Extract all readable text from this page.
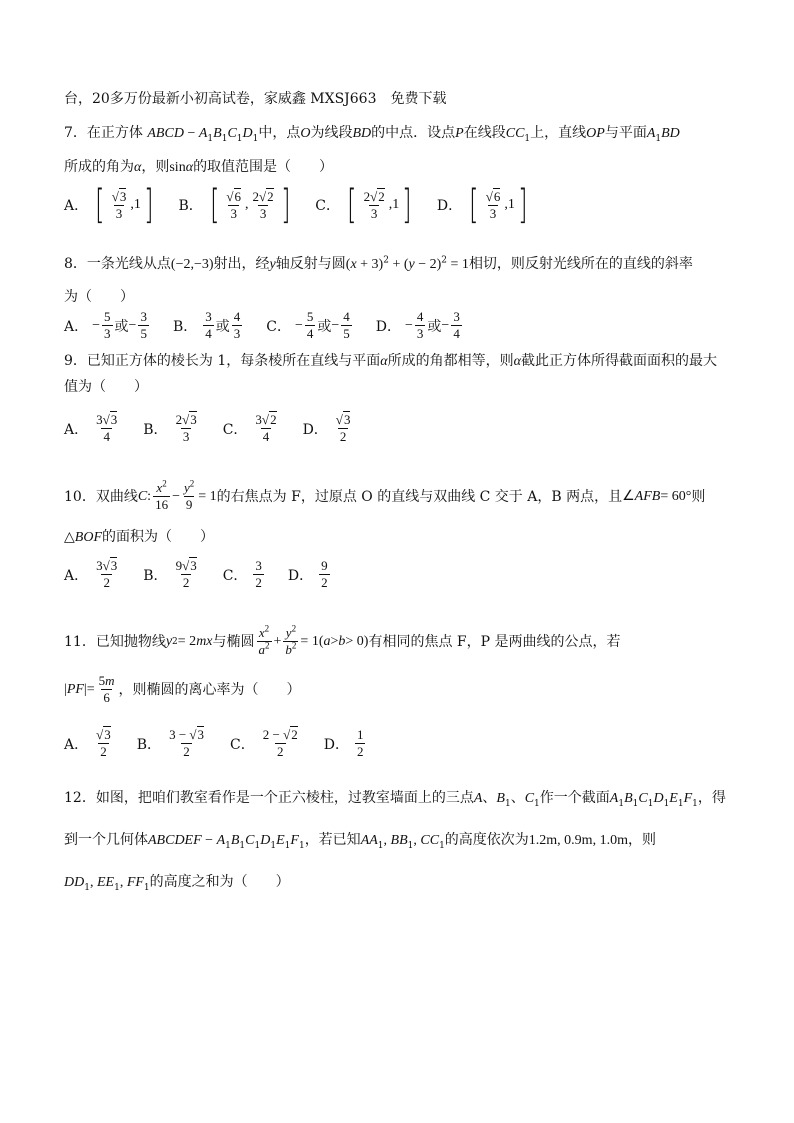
台，20多万份最新小初高试卷，家威鑫 MXSJ663　免费下载
7．在正方体 ABCD − $A_1B_1C_1D_1$中，点O为线段BD的中点．设点P在线段$CC_1$上，直线OP与平面$A_1BD$
所成的角为α，则sinα的取值范围是（　　）
A． [ $\frac{√3}{3} ,1$ ] B． [ $\frac{√6}{3}$ , $\frac{2√2}{3}$ ] C． [ $\frac{2√2}{3} ,1$ ] D． [ $\frac{√6}{3} ,1$ ]
8．一条光线从点(−2,−3)射出，经y轴反射与圆$(x + 3)^2 + (y - 2)^2 = 1$相切，则反射光线所在的直线的斜率
为（　　）
A． − $\frac{5}{3}$ 或 − $\frac{3}{5}$ B． $\frac{3}{4}$ 或 $\frac{4}{3}$ C． − $\frac{5}{4}$ 或 − $\frac{4}{5}$ D． − $\frac{4}{3}$ 或 − $\frac{3}{4}$
9．已知正方体的棱长为 1，每条棱所在直线与平面α所成的角都相等，则α截此正方体所得截面面积的最大
值为（　　）
A． $\frac{3√3}{4}$ B． $\frac{2√3}{3}$ C． $\frac{3√2}{4}$ D． $\frac{√3}{2}$
10． 双曲线 C : $\frac{x^2}{16} - \frac{y^2}{9} = 1$ 的右焦点为 F，过原点 O 的直线与双曲线 C 交于 A，B 两点，且 ∠ AFB = 60° 则
△BOF的面积为（　　）
A． $\frac{3√3}{2}$ B． $\frac{9√3}{2}$ C． $\frac{3}{2}$ D． $\frac{9}{2}$
11． 已知抛物线 y 2 = 2 mx 与椭圆 $\frac{x^2}{a^2} + \frac{y^2}{b^2} = 1$( a > b > 0) 有相同的焦点 F，P 是两曲线的公点，若
| PF |= $\frac{5m}{6}$ ，则椭圆的离心率为（　　）
A． $\frac{√3}{2}$ B． $\frac{3 - √3}{2}$ C． $\frac{2 - √2}{2}$ D． $\frac{1}{2}$
12．如图，把咱们教室看作是一个正六棱柱，过教室墙面上的三点A、$B_1$、$C_1$作一个截面$A_1B_1C_1D_1E_1F_1$，得
到一个几何体ABCDEF − $A_1B_1C_1D_1E_1F_1$，若已知$AA_1$, $BB_1$, $CC_1$的高度依次为1.2m, 0.9m, 1.0m，则
$DD_1$, $EE_1$, $FF_1$的高度之和为（　　）
